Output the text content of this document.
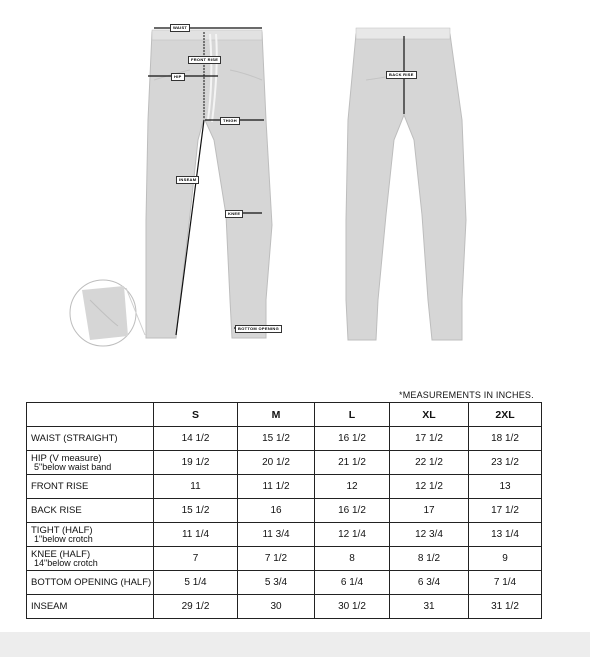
WAIST
FRONT RISE
HIP
THIGH
INSEAM
KNEE
BOTTOM OPENING
BACK RISE
*MEASUREMENTS IN INCHES.
	S	M	L	XL	2XL
WAIST (STRAIGHT)	14 1/2	15 1/2	16 1/2	17 1/2	18 1/2
HIP (V measure)
5"below waist band	19 1/2	20 1/2	21 1/2	22 1/2	23 1/2
FRONT RISE	11	11 1/2	12	12 1/2	13
BACK RISE	15 1/2	16	16 1/2	17	17 1/2
TIGHT (HALF)
1"below crotch	11 1/4	11 3/4	12 1/4	12 3/4	13 1/4
KNEE (HALF)
14"below crotch	7	7 1/2	8	8 1/2	9
BOTTOM OPENING (HALF)	5 1/4	5 3/4	6 1/4	6 3/4	7 1/4
INSEAM	29 1/2	30	30 1/2	31	31 1/2
